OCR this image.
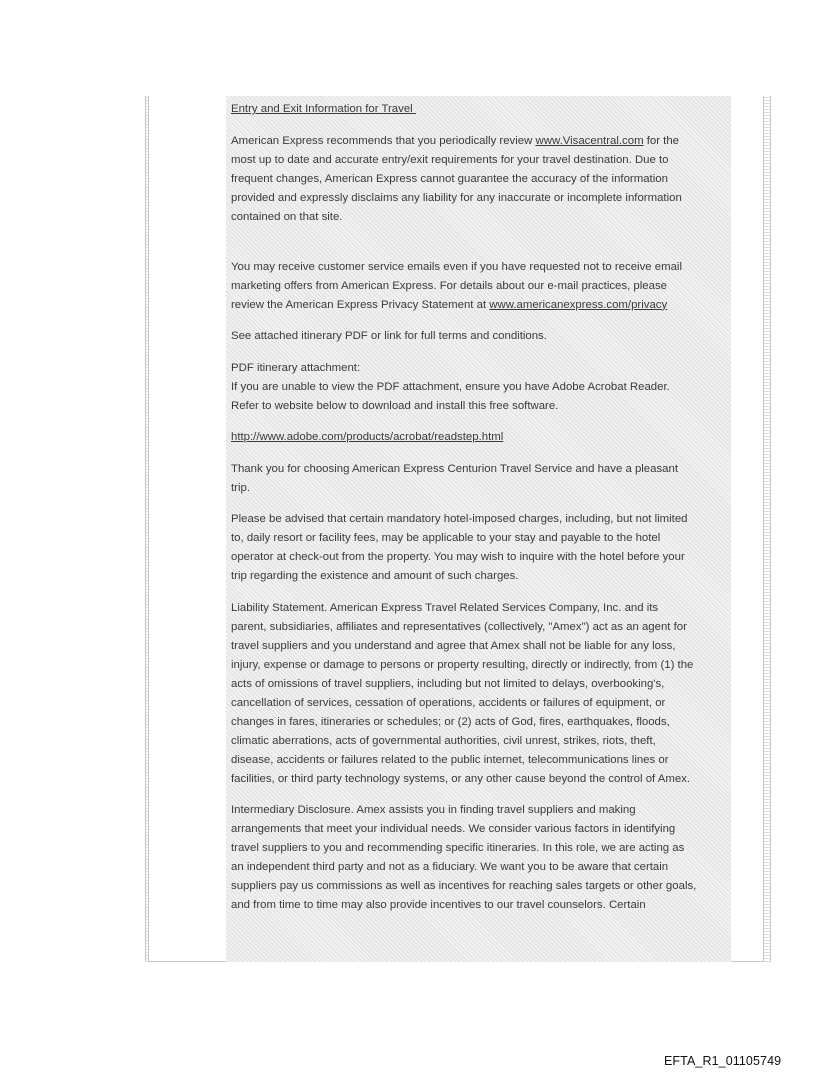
Entry and Exit Information for Travel

American Express recommends that you periodically review www.Visacentral.com for the
most up to date and accurate entry/exit requirements for your travel destination. Due to
frequent changes, American Express cannot guarantee the accuracy of the information
provided and expressly disclaims any liability for any inaccurate or incomplete information
contained on that site.

You may receive customer service emails even if you have requested not to receive email
marketing offers from American Express. For details about our e-mail practices, please
review the American Express Privacy Statement at www.americanexpress.com/privacy

See attached itinerary PDF or link for full terms and conditions.

PDF itinerary attachment:
If you are unable to view the PDF attachment, ensure you have Adobe Acrobat Reader.
Refer to website below to download and install this free software.

http://www.adobe.com/products/acrobat/readstep.html

Thank you for choosing American Express Centurion Travel Service and have a pleasant
trip.

Please be advised that certain mandatory hotel-imposed charges, including, but not limited
to, daily resort or facility fees, may be applicable to your stay and payable to the hotel
operator at check-out from the property. You may wish to inquire with the hotel before your
trip regarding the existence and amount of such charges.

Liability Statement. American Express Travel Related Services Company, Inc. and its
parent, subsidiaries, affiliates and representatives (collectively, "Amex") act as an agent for
travel suppliers and you understand and agree that Amex shall not be liable for any loss,
injury, expense or damage to persons or property resulting, directly or indirectly, from (1) the
acts of omissions of travel suppliers, including but not limited to delays, overbooking's,
cancellation of services, cessation of operations, accidents or failures of equipment, or
changes in fares, itineraries or schedules; or (2) acts of God, fires, earthquakes, floods,
climatic aberrations, acts of governmental authorities, civil unrest, strikes, riots, theft,
disease, accidents or failures related to the public internet, telecommunications lines or
facilities, or third party technology systems, or any other cause beyond the control of Amex.

Intermediary Disclosure. Amex assists you in finding travel suppliers and making
arrangements that meet your individual needs. We consider various factors in identifying
travel suppliers to you and recommending specific itineraries. In this role, we are acting as
an independent third party and not as a fiduciary. We want you to be aware that certain
suppliers pay us commissions as well as incentives for reaching sales targets or other goals,
and from time to time may also provide incentives to our travel counselors. Certain

EFTA_R1_01105749
